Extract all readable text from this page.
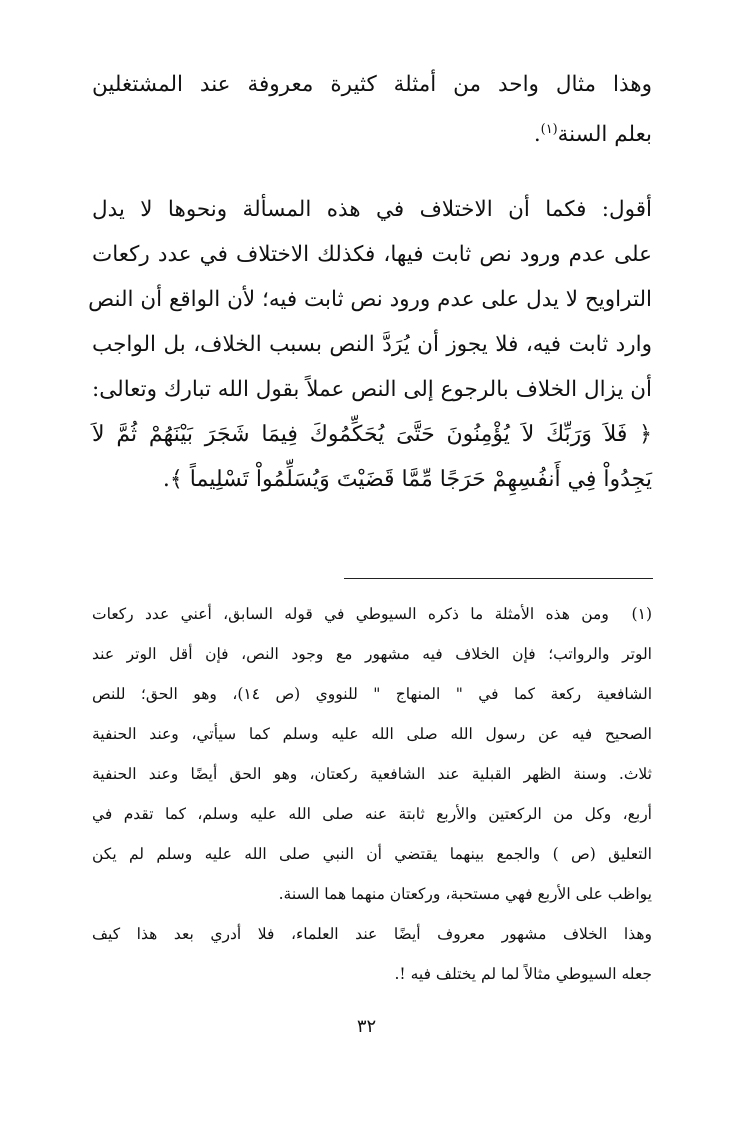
وهذا مثال واحد من أمثلة كثيرة معروفة عند المشتغلين
بعلم السنة$^{(١)}$.
أقول: فكما أن الاختلاف في هذه المسألة ونحوها لا يدل
على عدم ورود نص ثابت فيها، فكذلك الاختلاف في عدد ركعات
التراويح لا يدل على عدم ورود نص ثابت فيه؛ لأن الواقع أن النص
وارد ثابت فيه، فلا يجوز أن يُرَدَّ النص بسبب الخلاف، بل الواجب
أن يزال الخلاف بالرجوع إلى النص عملاً بقول الله تبارك وتعالى:
﴿ فَلاَ وَرَبِّكَ لاَ يُؤْمِنُونَ حَتَّىَ يُحَكِّمُوكَ فِيمَا شَجَرَ بَيْنَهُمْ ثُمَّ لاَ
يَجِدُواْ فِي أَنفُسِهِمْ حَرَجًا مِّمَّا قَضَيْتَ وَيُسَلِّمُواْ تَسْلِيماً ﴾.
(١)  ومن هذه الأمثلة ما ذكره السيوطي في قوله السابق، أعني عدد ركعات
الوتر والرواتب؛ فإن الخلاف فيه مشهور مع وجود النص، فإن أقل الوتر عند
الشافعية ركعة كما في " المنهاج " للنووي (ص ١٤)، وهو الحق؛ للنص
الصحيح فيه عن رسول الله صلى الله عليه وسلم كما سيأتي، وعند الحنفية
ثلاث. وسنة الظهر القبلية عند الشافعية ركعتان، وهو الحق أيضًا وعند الحنفية
أربع، وكل من الركعتين والأربع ثابتة عنه صلى الله عليه وسلم، كما تقدم في
التعليق (ص ) والجمع بينهما يقتضي أن النبي صلى الله عليه وسلم لم يكن
يواظب على الأربع فهي مستحبة، وركعتان منهما هما السنة.
وهذا الخلاف مشهور معروف أيضًا عند العلماء، فلا أدري بعد هذا كيف
جعله السيوطي مثالاً لما لم يختلف فيه !.
٣٢
